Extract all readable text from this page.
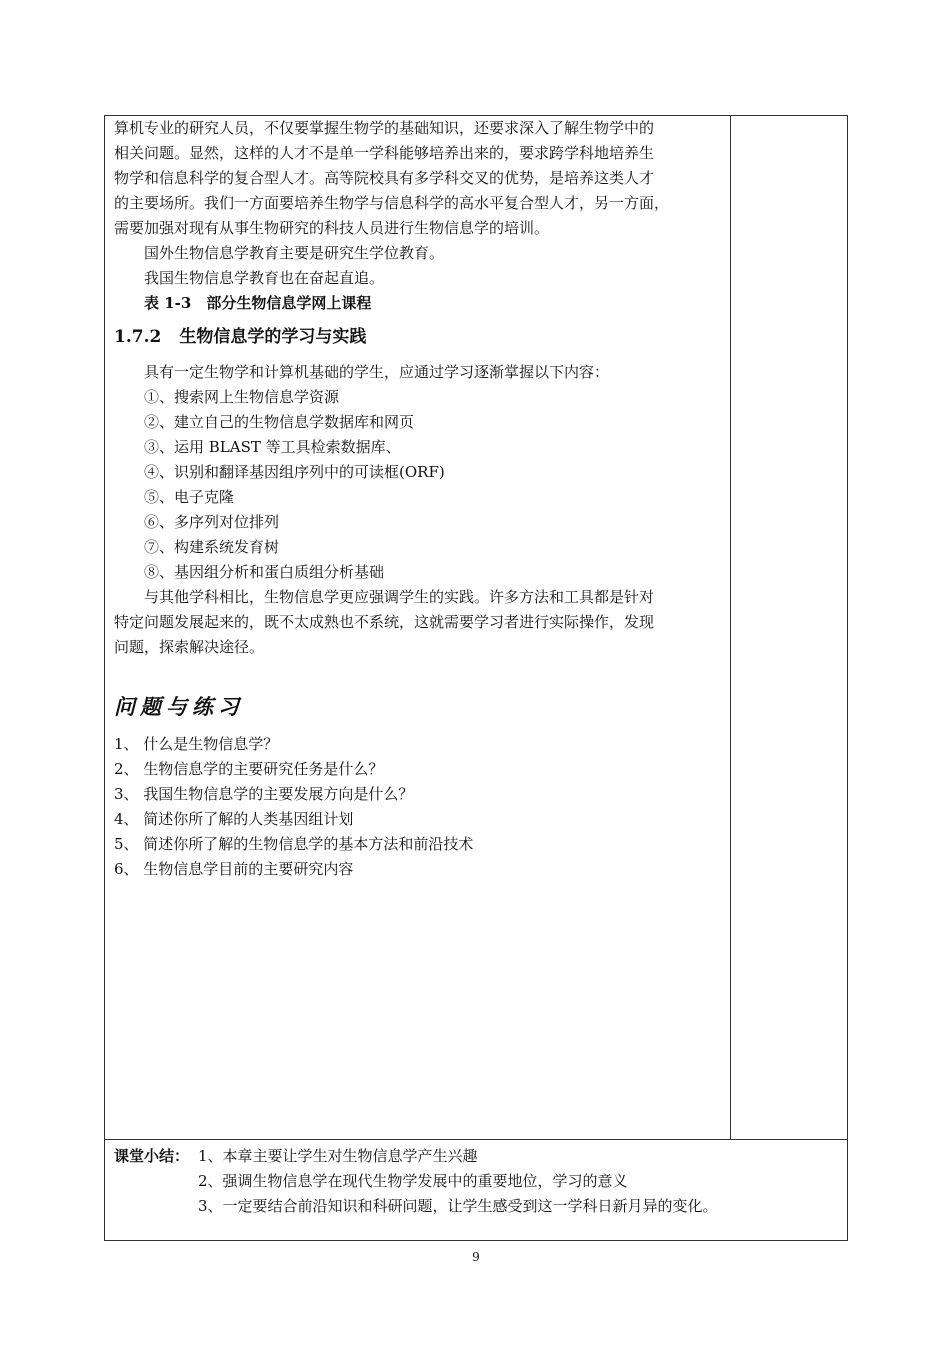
算机专业的研究人员，不仅要掌握生物学的基础知识，还要求深入了解生物学中的

相关问题。显然，这样的人才不是单一学科能够培养出来的，要求跨学科地培养生

物学和信息科学的复合型人才。高等院校具有多学科交叉的优势，是培养这类人才

的主要场所。我们一方面要培养生物学与信息科学的高水平复合型人才，另一方面，

需要加强对现有从事生物研究的科技人员进行生物信息学的培训。

国外生物信息学教育主要是研究生学位教育。

我国生物信息学教育也在奋起直追。

表 1-3　部分生物信息学网上课程

1.7.2 生物信息学的学习与实践

具有一定生物学和计算机基础的学生，应通过学习逐渐掌握以下内容：

①、搜索网上生物信息学资源

②、建立自己的生物信息学数据库和网页

③、运用 BLAST 等工具检索数据库、

④、识别和翻译基因组序列中的可读框(ORF)

⑤、电子克隆

⑥、多序列对位排列

⑦、构建系统发育树

⑧、基因组分析和蛋白质组分析基础

与其他学科相比，生物信息学更应强调学生的实践。许多方法和工具都是针对

特定问题发展起来的，既不太成熟也不系统，这就需要学习者进行实际操作，发现

问题，探索解决途径。

问题与练习

1、 什么是生物信息学？

2、 生物信息学的主要研究任务是什么？

3、 我国生物信息学的主要发展方向是什么？

4、 简述你所了解的人类基因组计划

5、 简述你所了解的生物信息学的基本方法和前沿技术

6、 生物信息学目前的主要研究内容

课堂小结： 1、本章主要让学生对生物信息学产生兴趣
2、强调生物信息学在现代生物学发展中的重要地位，学习的意义
3、一定要结合前沿知识和科研问题，让学生感受到这一学科日新月异的变化。
9
